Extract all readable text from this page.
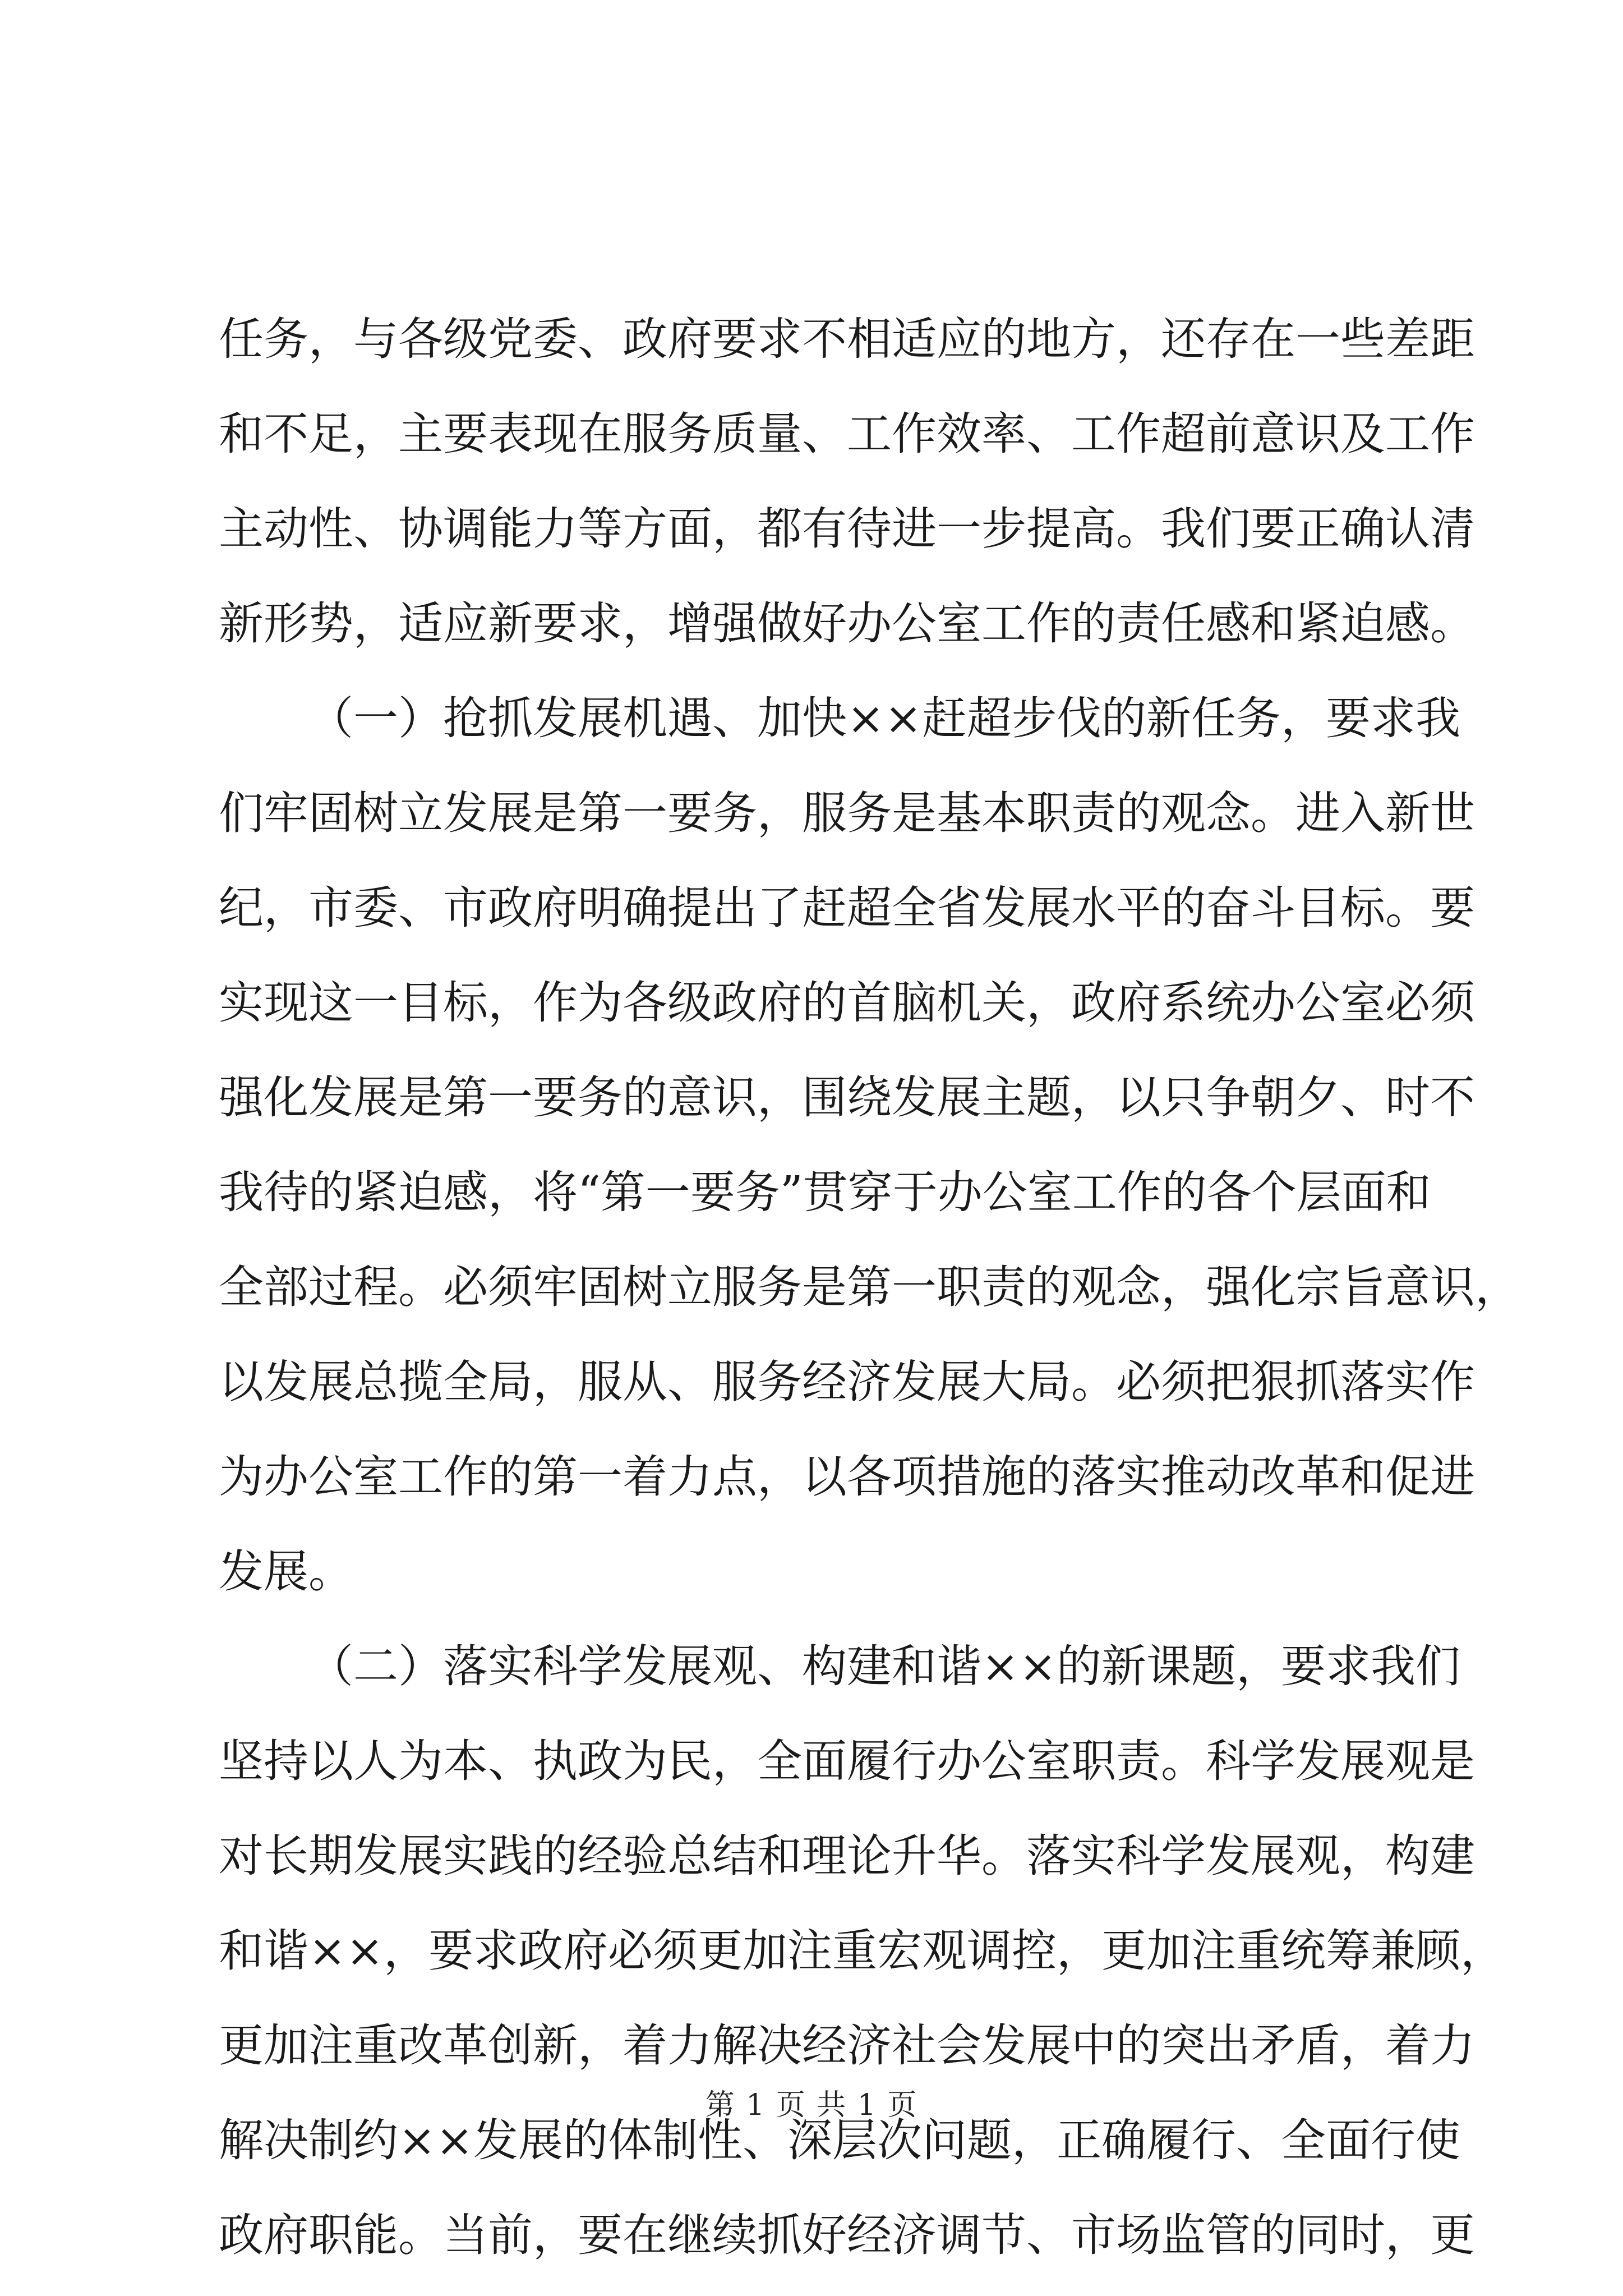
任务，与各级党委、政府要求不相适应的地方，还存在一些差距
和不足，主要表现在服务质量、工作效率、工作超前意识及工作
主动性、协调能力等方面，都有待进一步提高。我们要正确认清
新形势，适应新要求，增强做好办公室工作的责任感和紧迫感。
（一）抢抓发展机遇、加快××赶超步伐的新任务，要求我
们牢固树立发展是第一要务，服务是基本职责的观念。进入新世
纪，市委、市政府明确提出了赶超全省发展水平的奋斗目标。要
实现这一目标，作为各级政府的首脑机关，政府系统办公室必须
强化发展是第一要务的意识，围绕发展主题，以只争朝夕、时不
我待的紧迫感，将“第一要务”贯穿于办公室工作的各个层面和
全部过程。必须牢固树立服务是第一职责的观念，强化宗旨意识，
以发展总揽全局，服从、服务经济发展大局。必须把狠抓落实作
为办公室工作的第一着力点，以各项措施的落实推动改革和促进
发展。
（二）落实科学发展观、构建和谐××的新课题，要求我们
坚持以人为本、执政为民，全面履行办公室职责。科学发展观是
对长期发展实践的经验总结和理论升华。落实科学发展观，构建
和谐××，要求政府必须更加注重宏观调控，更加注重统筹兼顾，
更加注重改革创新，着力解决经济社会发展中的突出矛盾，着力
解决制约××发展的体制性、深层次问题，正确履行、全面行使
政府职能。当前，要在继续抓好经济调节、市场监管的同时，更
第 1 页 共 1 页
